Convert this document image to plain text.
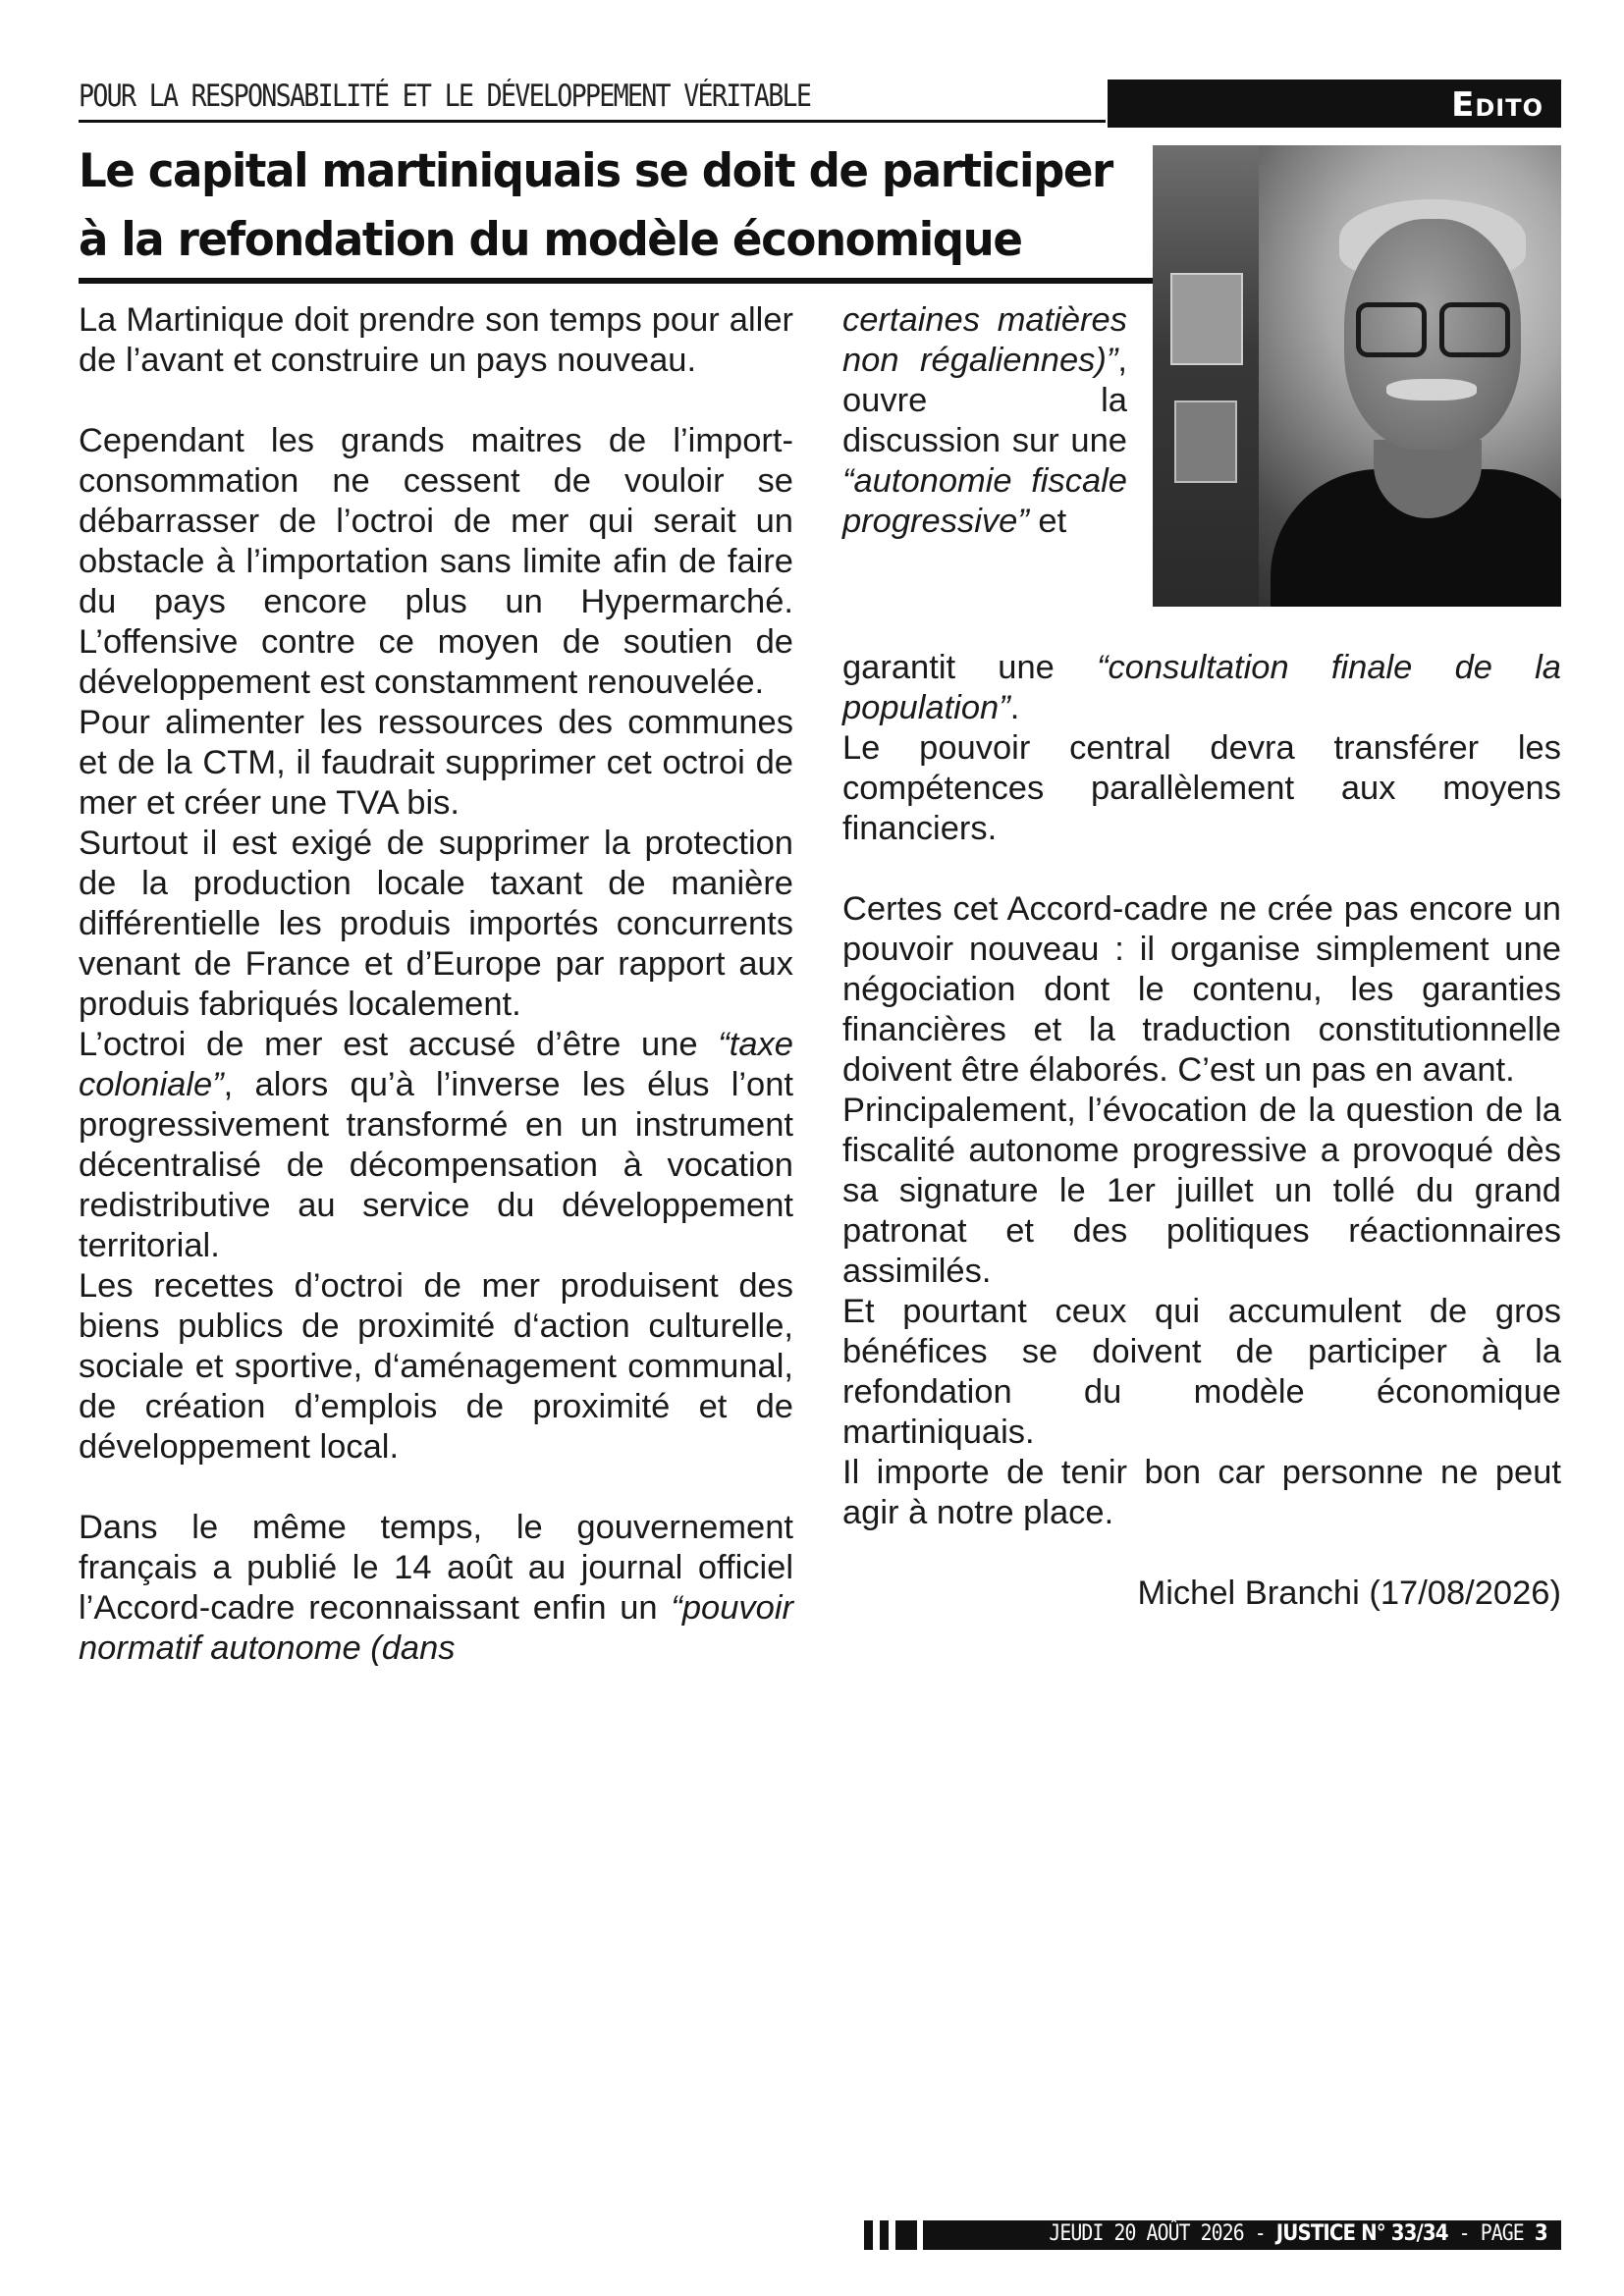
POUR LA RESPONSABILITÉ ET LE DÉVELOPPEMENT VÉRITABLE	Edito
Le capital martiniquais se doit de participer à la refondation du modèle économique

La Martinique doit prendre son temps pour aller de l’avant et construire un pays nouveau.

Cependant les grands maitres de l’import-consommation ne cessent de vouloir se débarrasser de l’octroi de mer qui serait un obstacle à l’importation sans limite afin de faire du pays encore plus un Hypermarché. L’offensive contre ce moyen de soutien de développement est constamment renouvelée.

Pour alimenter les ressources des communes et de la CTM, il faudrait supprimer cet octroi de mer et créer une TVA bis.

Surtout il est exigé de supprimer la protection de la production locale taxant de manière différentielle les produis importés concurrents venant de France et d’Europe par rapport aux produis fabriqués localement.

L’octroi de mer est accusé d’être une “taxe coloniale”, alors qu’à l’inverse les élus l’ont progressivement transformé en un instrument décentralisé de décompensation à vocation redistributive au service du développement territorial.

Les recettes d’octroi de mer produisent des biens publics de proximité d‘action culturelle, sociale et sportive, d‘aménagement communal, de création d’emplois de proximité et de développement local.

Dans le même temps, le gouvernement français a publié le 14 août au journal officiel l’Accord-cadre reconnaissant enfin un “pouvoir normatif autonome (dans

certaines matières non régaliennes)”, ouvre la discussion sur une “autonomie fiscale progressive” et

garantit une “consultation finale de la population”.

Le pouvoir central devra transférer les compétences parallèlement aux moyens financiers.

Certes cet Accord-cadre ne crée pas encore un pouvoir nouveau : il organise simplement une négociation dont le contenu, les garanties financières et la traduction constitutionnelle doivent être élaborés. C’est un pas en avant.

Principalement, l’évocation de la question de la fiscalité autonome progressive a provoqué dès sa signature le 1er juillet un tollé du grand patronat et des politiques réactionnaires assimilés.

Et pourtant ceux qui accumulent de gros bénéfices se doivent de participer à la refondation du modèle économique martiniquais.

Il importe de tenir bon car personne ne peut agir à notre place.

Michel Branchi (17/08/2026)

JEUDI 20 AOÛT 2026 - JUSTICE N° 33/34 - PAGE 3
